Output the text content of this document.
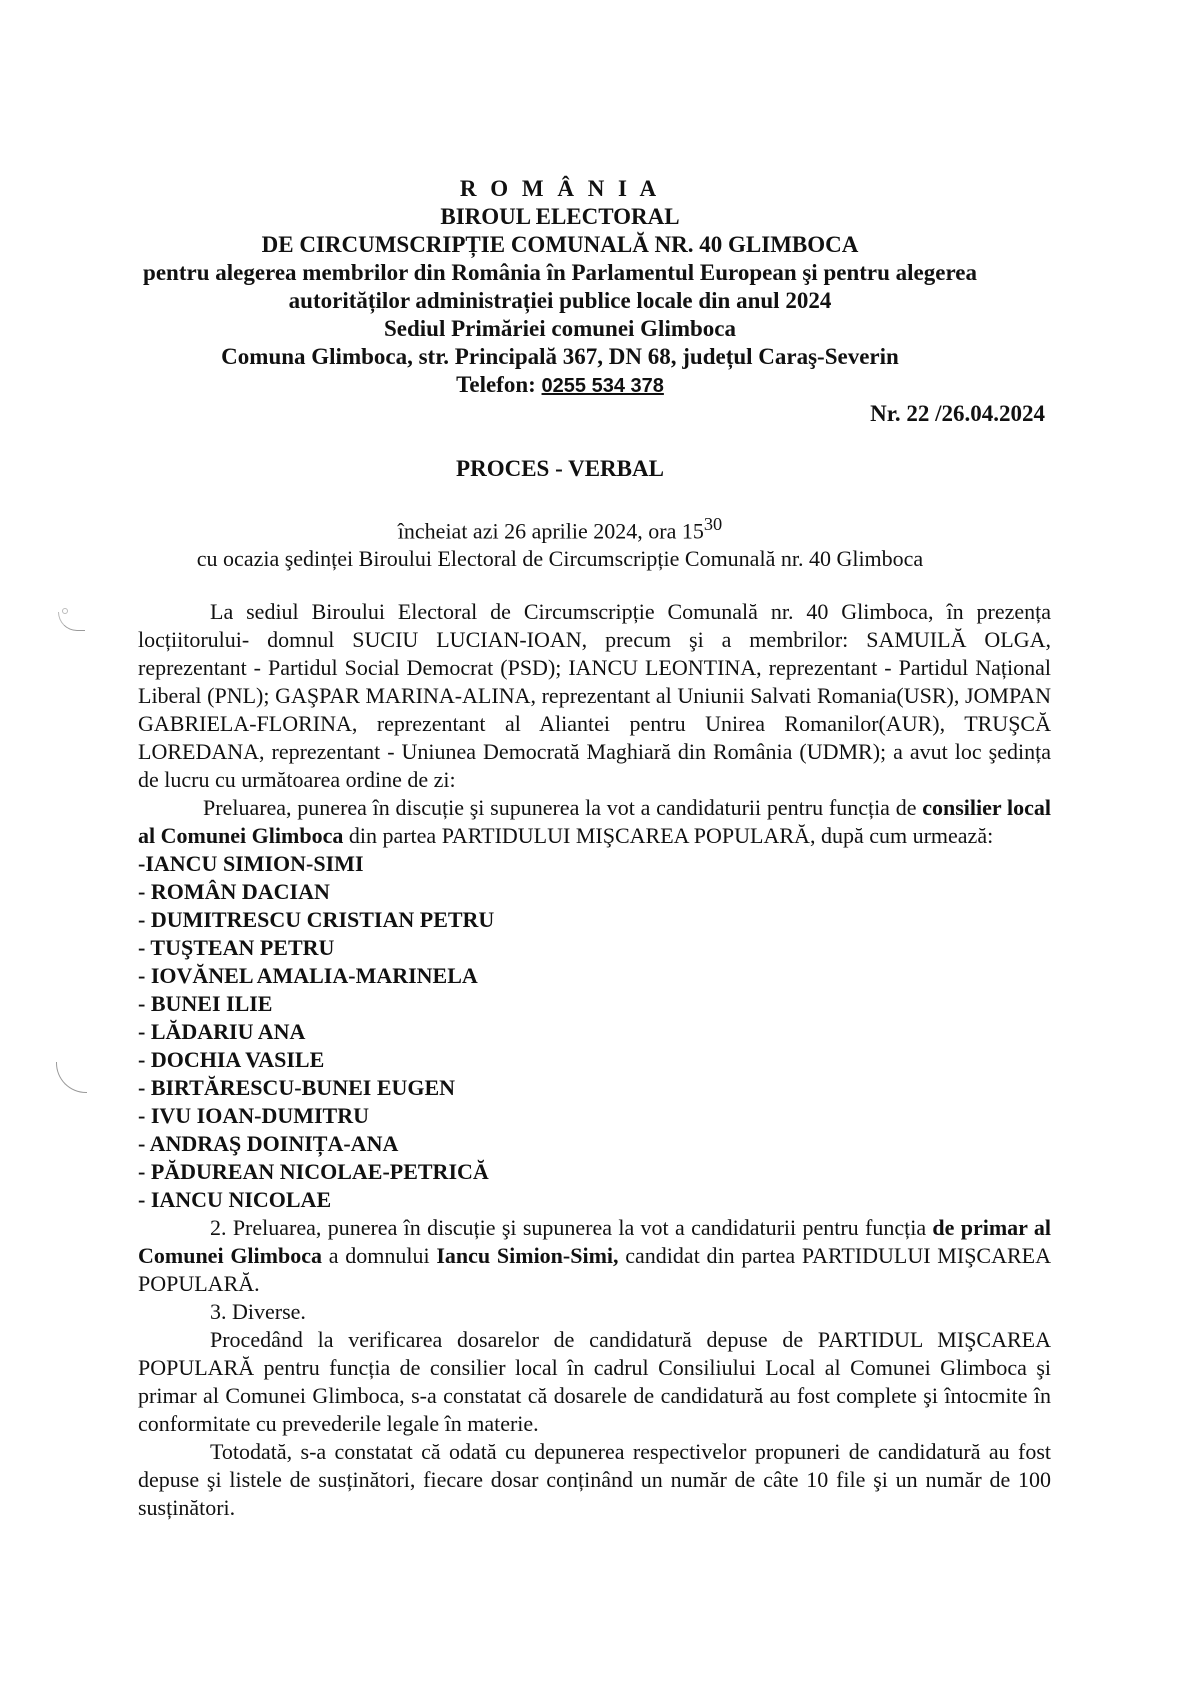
R O M Â N I A
BIROUL ELECTORAL
DE CIRCUMSCRIPȚIE COMUNALĂ NR. 40 GLIMBOCA
pentru alegerea membrilor din România în Parlamentul European şi pentru alegerea
autorităților administrației publice locale din anul 2024
Sediul Primăriei comunei Glimboca
Comuna Glimboca, str. Principală 367, DN 68, județul Caraş-Severin
Telefon: 0255 534 378
Nr. 22 /26.04.2024
PROCES - VERBAL
încheiat azi 26 aprilie 2024, ora $15^{30}$
cu ocazia şedinței Biroului Electoral de Circumscripție Comunală nr. 40 Glimboca

La sediul Biroului Electoral de Circumscripție Comunală nr. 40 Glimboca, în prezența locțiitorului- domnul SUCIU LUCIAN-IOAN, precum şi a membrilor: SAMUILĂ OLGA, reprezentant - Partidul Social Democrat (PSD); IANCU LEONTINA, reprezentant - Partidul Național Liberal (PNL); GAŞPAR MARINA-ALINA, reprezentant al Uniunii Salvati Romania(USR), JOMPAN GABRIELA-FLORINA, reprezentant al Aliantei pentru Unirea Romanilor(AUR), TRUŞCĂ LOREDANA, reprezentant - Uniunea Democrată Maghiară din România (UDMR); a avut loc şedința de lucru cu următoarea ordine de zi:

Preluarea, punerea în discuție şi supunerea la vot a candidaturii pentru funcția de consilier local al Comunei Glimboca din partea PARTIDULUI MIŞCAREA POPULARĂ, după cum urmează:

-IANCU SIMION-SIMI
- ROMÂN DACIAN
- DUMITRESCU CRISTIAN PETRU
- TUŞTEAN PETRU
- IOVĂNEL AMALIA-MARINELA
- BUNEI ILIE
- LĂDARIU ANA
- DOCHIA VASILE
- BIRTĂRESCU-BUNEI EUGEN
- IVU IOAN-DUMITRU
- ANDRAŞ DOINIȚA-ANA
- PĂDUREAN NICOLAE-PETRICĂ
- IANCU NICOLAE

2. Preluarea, punerea în discuție şi supunerea la vot a candidaturii pentru funcția de primar al Comunei Glimboca a domnului Iancu Simion-Simi, candidat din partea PARTIDULUI MIŞCAREA POPULARĂ.

3. Diverse.

Procedând la verificarea dosarelor de candidatură depuse de PARTIDUL MIŞCAREA POPULARĂ pentru funcția de consilier local în cadrul Consiliului Local al Comunei Glimboca şi primar al Comunei Glimboca, s-a constatat că dosarele de candidatură au fost complete şi întocmite în conformitate cu prevederile legale în materie.

Totodată, s-a constatat că odată cu depunerea respectivelor propuneri de candidatură au fost depuse şi listele de susținători, fiecare dosar conținând un număr de câte 10 file şi un număr de 100 susținători.
